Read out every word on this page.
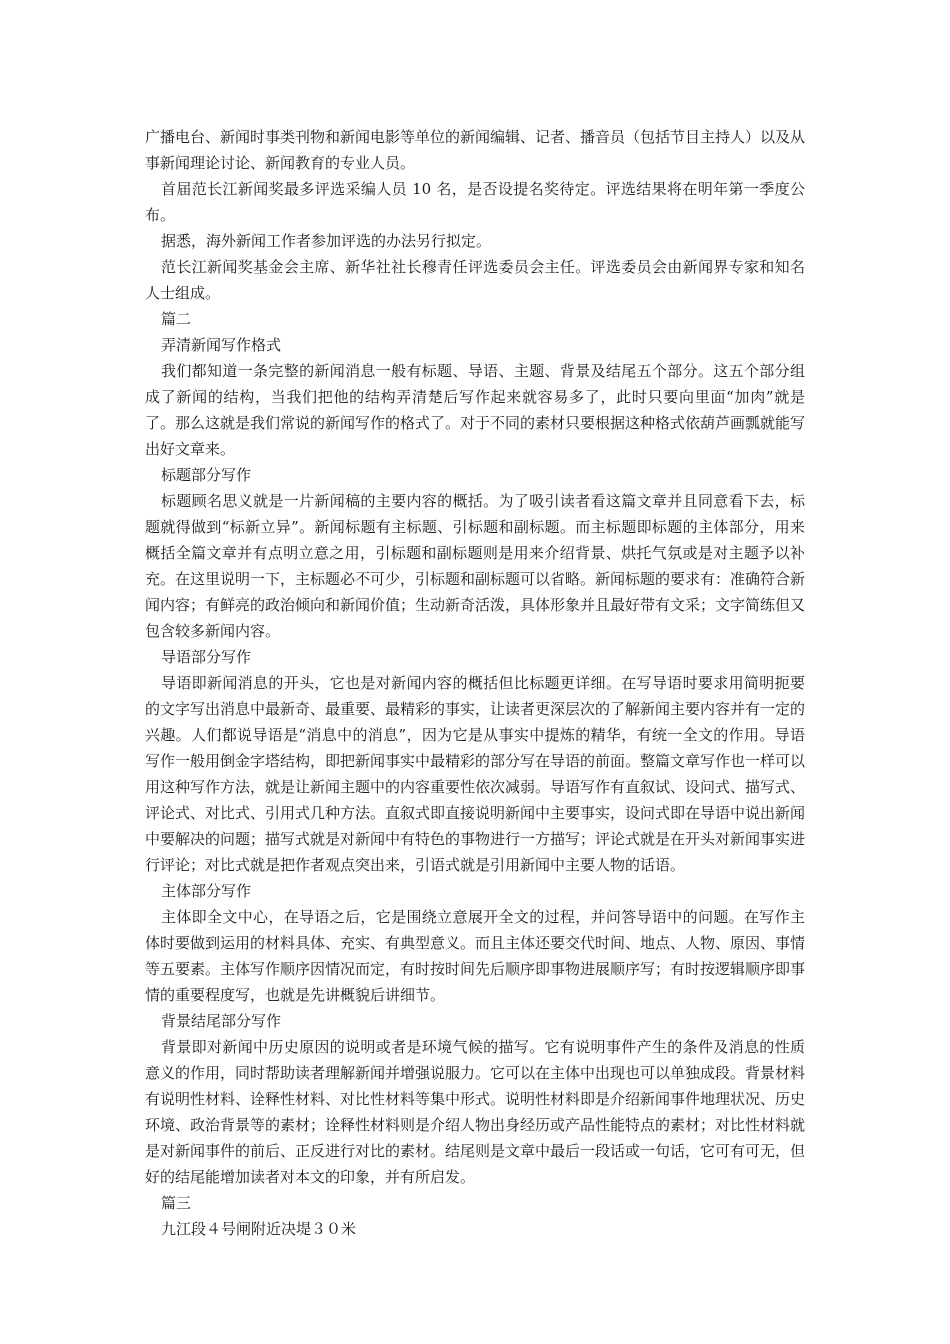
广播电台、新闻时事类刊物和新闻电影等单位的新闻编辑、记者、播音员（包括节目主持人）以及从事新闻理论讨论、新闻教育的专业人员。

首届范长江新闻奖最多评选采编人员 10 名，是否设提名奖待定。评选结果将在明年第一季度公布。

据悉，海外新闻工作者参加评选的办法另行拟定。

范长江新闻奖基金会主席、新华社社长穆青任评选委员会主任。评选委员会由新闻界专家和知名人士组成。

篇二

弄清新闻写作格式

我们都知道一条完整的新闻消息一般有标题、导语、主题、背景及结尾五个部分。这五个部分组成了新闻的结构，当我们把他的结构弄清楚后写作起来就容易多了，此时只要向里面“加肉”就是了。那么这就是我们常说的新闻写作的格式了。对于不同的素材只要根据这种格式依葫芦画瓢就能写出好文章来。

标题部分写作

标题顾名思义就是一片新闻稿的主要内容的概括。为了吸引读者看这篇文章并且同意看下去，标题就得做到“标新立异”。新闻标题有主标题、引标题和副标题。而主标题即标题的主体部分，用来概括全篇文章并有点明立意之用，引标题和副标题则是用来介绍背景、烘托气氛或是对主题予以补充。在这里说明一下，主标题必不可少，引标题和副标题可以省略。新闻标题的要求有：准确符合新闻内容；有鲜亮的政治倾向和新闻价值；生动新奇活泼，具体形象并且最好带有文采；文字简练但又包含较多新闻内容。

导语部分写作

导语即新闻消息的开头，它也是对新闻内容的概括但比标题更详细。在写导语时要求用简明扼要的文字写出消息中最新奇、最重要、最精彩的事实，让读者更深层次的了解新闻主要内容并有一定的兴趣。人们都说导语是“消息中的消息”，因为它是从事实中提炼的精华，有统一全文的作用。导语写作一般用倒金字塔结构，即把新闻事实中最精彩的部分写在导语的前面。整篇文章写作也一样可以用这种写作方法，就是让新闻主题中的内容重要性依次减弱。导语写作有直叙试、设问式、描写式、评论式、对比式、引用式几种方法。直叙式即直接说明新闻中主要事实，设问式即在导语中说出新闻中要解决的问题；描写式就是对新闻中有特色的事物进行一方描写；评论式就是在开头对新闻事实进行评论；对比式就是把作者观点突出来，引语式就是引用新闻中主要人物的话语。

主体部分写作

主体即全文中心，在导语之后，它是围绕立意展开全文的过程，并问答导语中的问题。在写作主体时要做到运用的材料具体、充实、有典型意义。而且主体还要交代时间、地点、人物、原因、事情等五要素。主体写作顺序因情况而定，有时按时间先后顺序即事物进展顺序写；有时按逻辑顺序即事情的重要程度写，也就是先讲概貌后讲细节。

背景结尾部分写作

背景即对新闻中历史原因的说明或者是环境气候的描写。它有说明事件产生的条件及消息的性质意义的作用，同时帮助读者理解新闻并增强说服力。它可以在主体中出现也可以单独成段。背景材料有说明性材料、诠释性材料、对比性材料等集中形式。说明性材料即是介绍新闻事件地理状况、历史环境、政治背景等的素材；诠释性材料则是介绍人物出身经历或产品性能特点的素材；对比性材料就是对新闻事件的前后、正反进行对比的素材。结尾则是文章中最后一段话或一句话，它可有可无，但好的结尾能增加读者对本文的印象，并有所启发。

篇三

九江段４号闸附近决堤３０米
